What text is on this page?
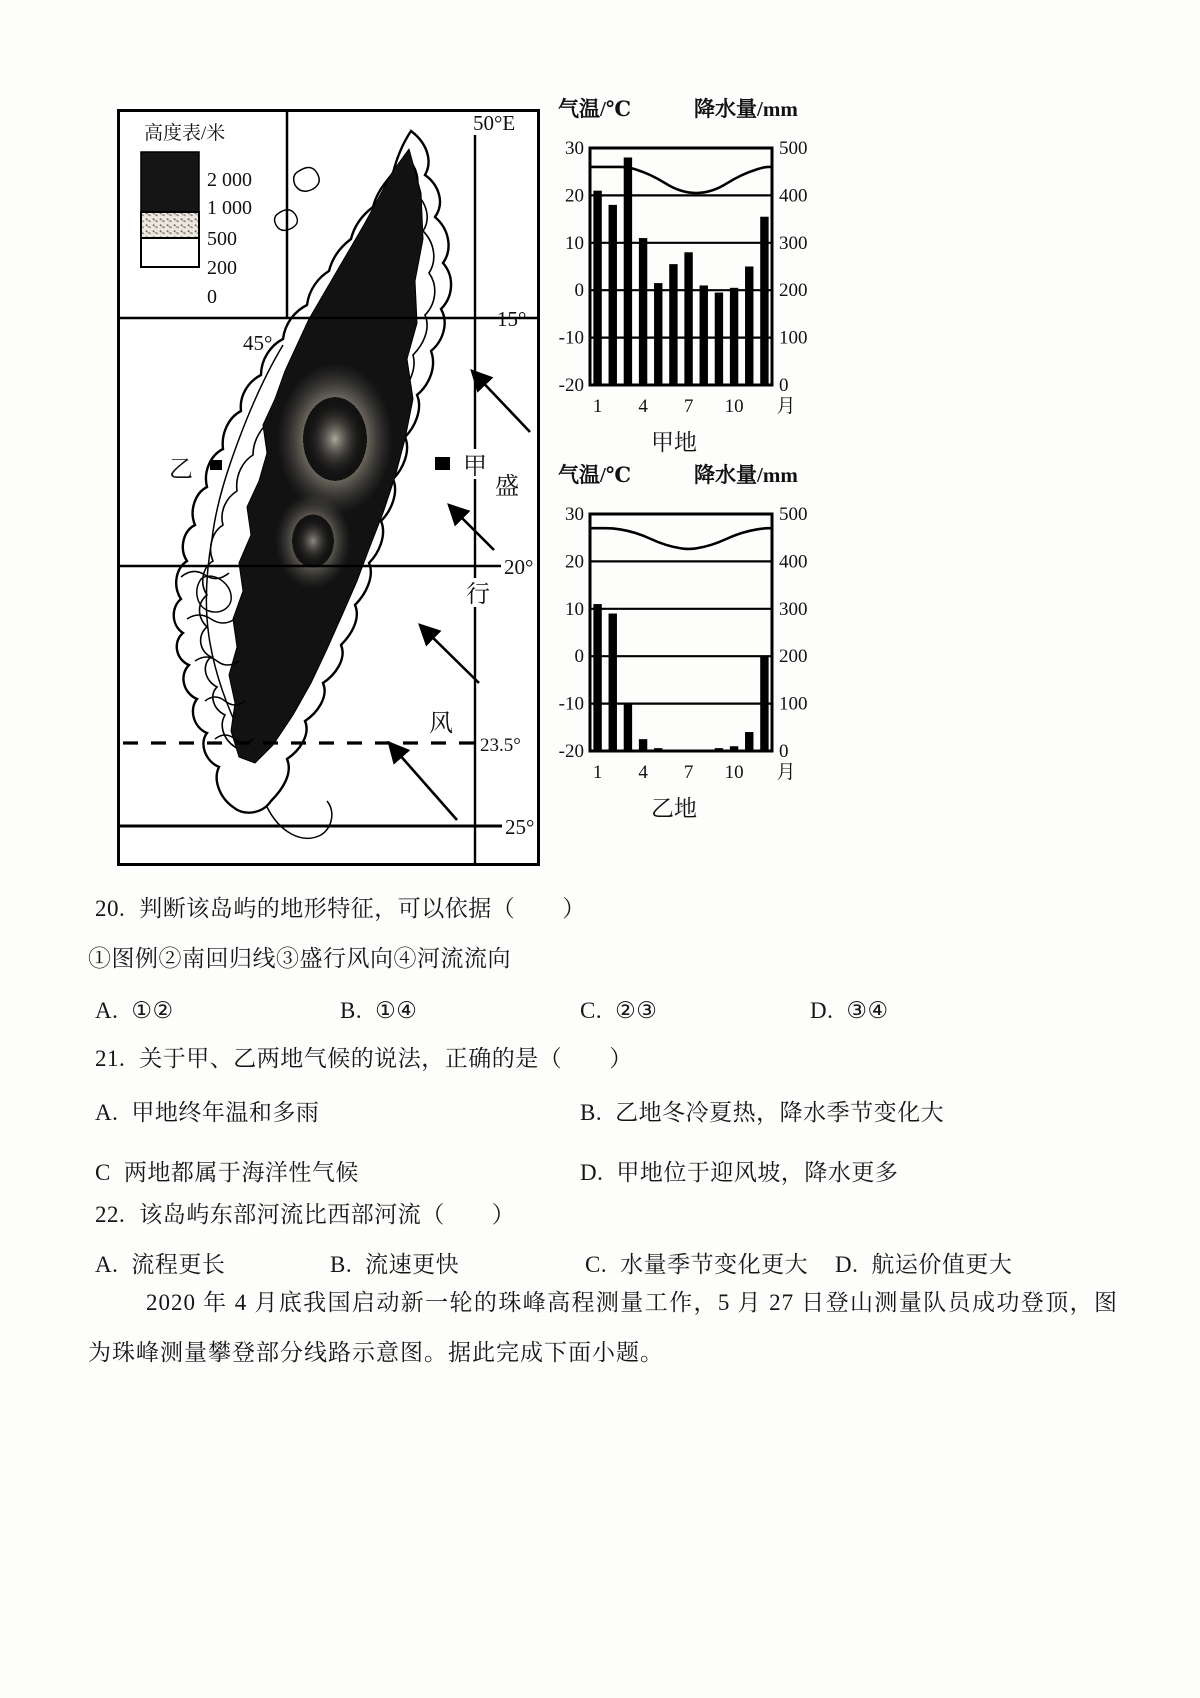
高度表/米
2 000
1 000
500
200
0
50°E
45°
15°
20°
23.5°
25°
乙	甲
盛
行
风
气温/℃	降水量/mm
30
20
10
0
-10
-20
500
400
300
200
100
0
1 4 7 10 月
甲地
气温/℃	降水量/mm
30
20
10
0
-10
-20
500
400
300
200
100
0
1 4 7 10 月
乙地
20. 判断该岛屿的地形特征，可以依据（　　）
①图例②南回归线③盛行风向④河流流向
A. ①②	B. ①④	C. ②③	D. ③④
21. 关于甲、乙两地气候的说法，正确的是（　　）
A. 甲地终年温和多雨	B. 乙地冬冷夏热，降水季节变化大
C 两地都属于海洋性气候	D. 甲地位于迎风坡，降水更多
22. 该岛屿东部河流比西部河流（　　）
A. 流程更长	B. 流速更快	C. 水量季节变化更大 D. 航运价值更大
2020 年 4 月底我国启动新一轮的珠峰高程测量工作，5 月 27 日登山测量队员成功登顶，图为珠峰测量攀登部分线路示意图。据此完成下面小题。
